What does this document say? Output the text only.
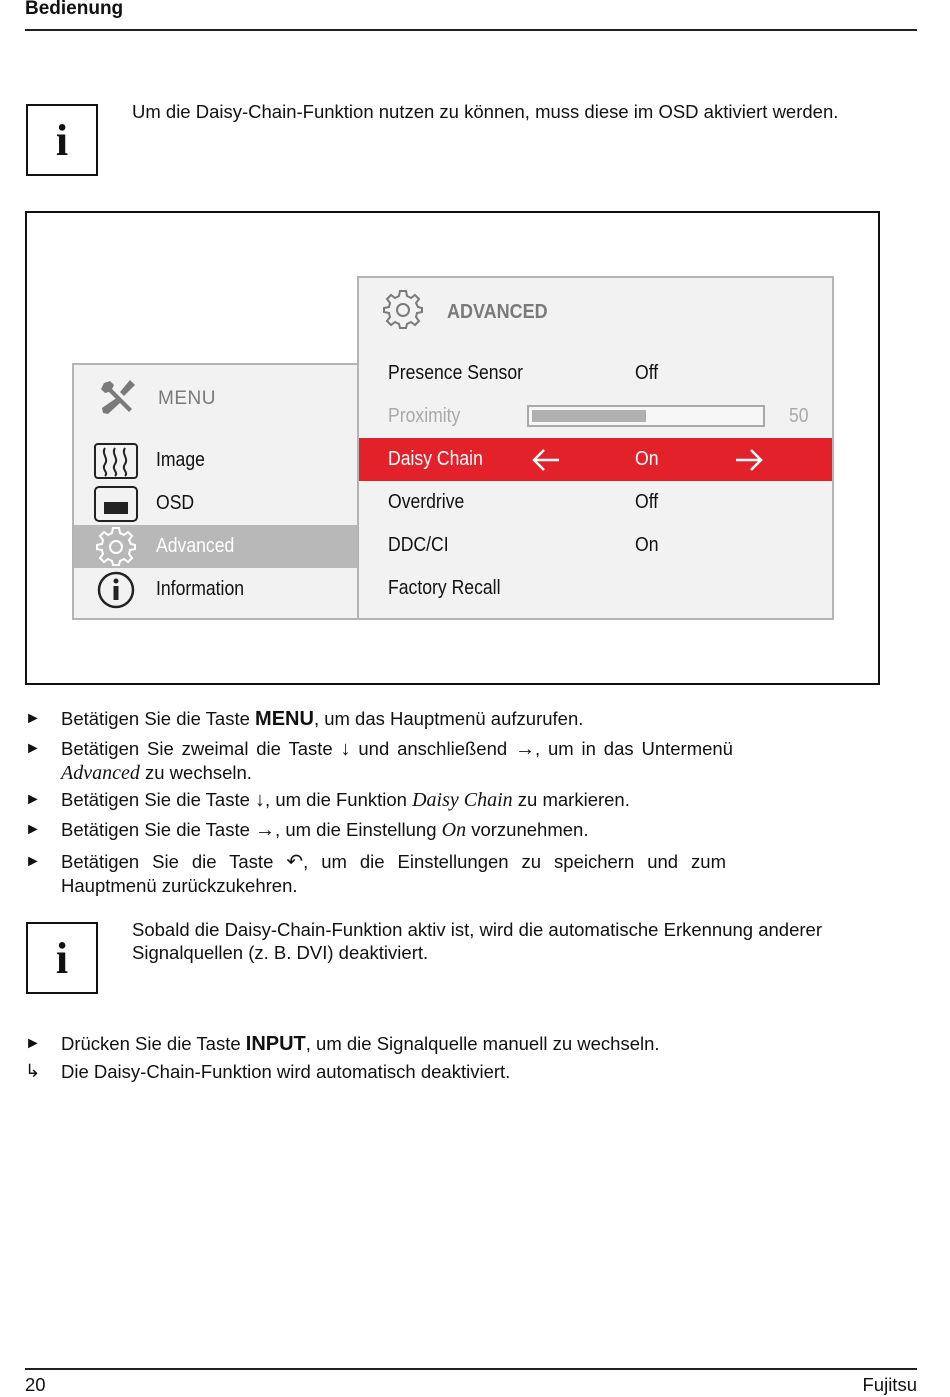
Bedienung
i
Um die Daisy-Chain-Funktion nutzen zu können, muss diese im OSD aktiviert werden.
MENU
Image
OSD
Advanced
Information
ADVANCED
Presence Sensor	Off
Proximity	50
Daisy Chain	On
Overdrive	Off
DDC/CI	On
Factory Recall
► Betätigen Sie die Taste MENU, um das Hauptmenü aufzurufen.
► Betätigen Sie zweimal die Taste ↓ und anschließend →, um in das Untermenü Advanced zu wechseln.
► Betätigen Sie die Taste ↓, um die Funktion Daisy Chain zu markieren.
► Betätigen Sie die Taste →, um die Einstellung On vorzunehmen.
► Betätigen Sie die Taste ↶, um die Einstellungen zu speichern und zum Hauptmenü zurückzukehren.
i
Sobald die Daisy-Chain-Funktion aktiv ist, wird die automatische Erkennung anderer Signalquellen (z. B. DVI) deaktiviert.
► Drücken Sie die Taste INPUT, um die Signalquelle manuell zu wechseln.
↳ Die Daisy-Chain-Funktion wird automatisch deaktiviert.
20	Fujitsu
